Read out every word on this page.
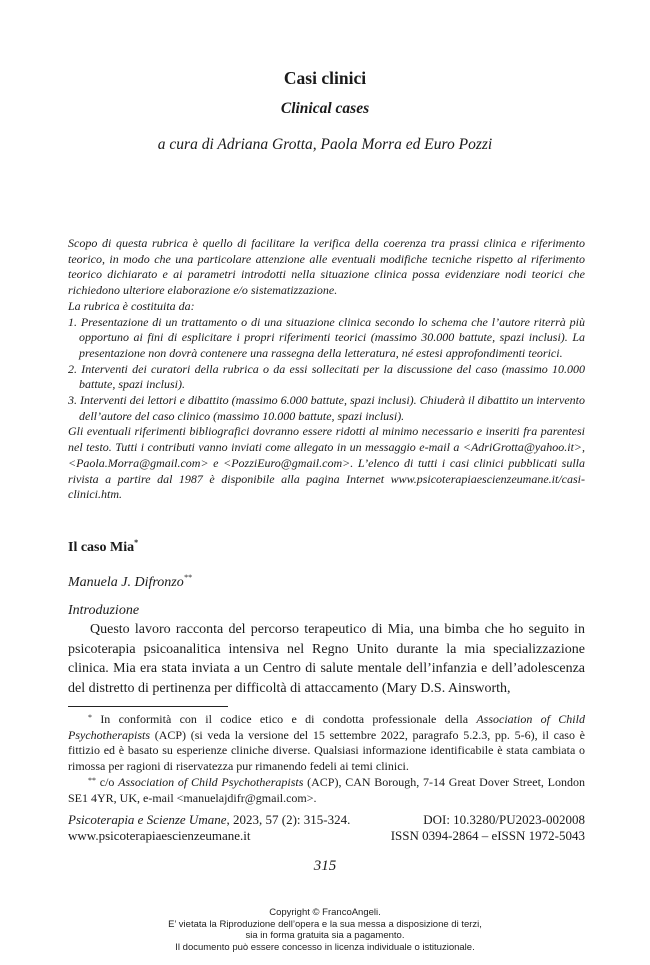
Casi clinici
Clinical cases
a cura di Adriana Grotta, Paola Morra ed Euro Pozzi

Scopo di questa rubrica è quello di facilitare la verifica della coerenza tra prassi clinica e riferimento teorico, in modo che una particolare attenzione alle eventuali modifiche tecniche rispetto al riferimento teorico dichiarato e ai parametri introdotti nella situazione clinica possa evidenziare nodi teorici che richiedono ulteriore elaborazione e/o sistematizzazione.

La rubrica è costituita da:

1. Presentazione di un trattamento o di una situazione clinica secondo lo schema che l’autore riterrà più opportuno ai fini di esplicitare i propri riferimenti teorici (massimo 30.000 battute, spazi inclusi). La presentazione non dovrà contenere una rassegna della letteratura, né estesi approfondimenti teorici.
2. Interventi dei curatori della rubrica o da essi sollecitati per la discussione del caso (massimo 10.000 battute, spazi inclusi).
3. Interventi dei lettori e dibattito (massimo 6.000 battute, spazi inclusi). Chiuderà il dibattito un intervento dell’autore del caso clinico (massimo 10.000 battute, spazi inclusi).

Gli eventuali riferimenti bibliografici dovranno essere ridotti al minimo necessario e inseriti fra parentesi nel testo. Tutti i contributi vanno inviati come allegato in un messaggio e-mail a <AdriGrotta@yahoo.it>, <Paola.Morra@gmail.com> e <PozziEuro@gmail.com>. L’elenco di tutti i casi clinici pubblicati sulla rivista a partire dal 1987 è disponibile alla pagina Internet www.psicoterapiaescienzeumane.it/casi-clinici.htm.

Il caso Mia*
Manuela J. Difronzo**
Introduzione

Questo lavoro racconta del percorso terapeutico di Mia, una bimba che ho seguito in psicoterapia psicoanalitica intensiva nel Regno Unito durante la mia specializzazione clinica. Mia era stata inviata a un Centro di salute mentale dell’infanzia e dell’adolescenza del distretto di pertinenza per difficoltà di attaccamento (Mary D.S. Ainsworth,

* In conformità con il codice etico e di condotta professionale della Association of Child Psychotherapists (ACP) (si veda la versione del 15 settembre 2022, paragrafo 5.2.3, pp. 5-6), il caso è fittizio ed è basato su esperienze cliniche diverse. Qualsiasi informazione identificabile è stata cambiata o rimossa per ragioni di riservatezza pur rimanendo fedeli ai temi clinici.

** c/o Association of Child Psychotherapists (ACP), CAN Borough, 7-14 Great Dover Street, London SE1 4YR, UK, e-mail <manuelajdifr@gmail.com>.

Psicoterapia e Scienze Umane, 2023, 57 (2): 315-324.	DOI: 10.3280/PU2023-002008
www.psicoterapiaescienzeumane.it	ISSN 0394-2864 – eISSN 1972-5043
315
Copyright © FrancoAngeli.
E’ vietata la Riproduzione dell’opera e la sua messa a disposizione di terzi,
sia in forma gratuita sia a pagamento.
Il documento può essere concesso in licenza individuale o istituzionale.
